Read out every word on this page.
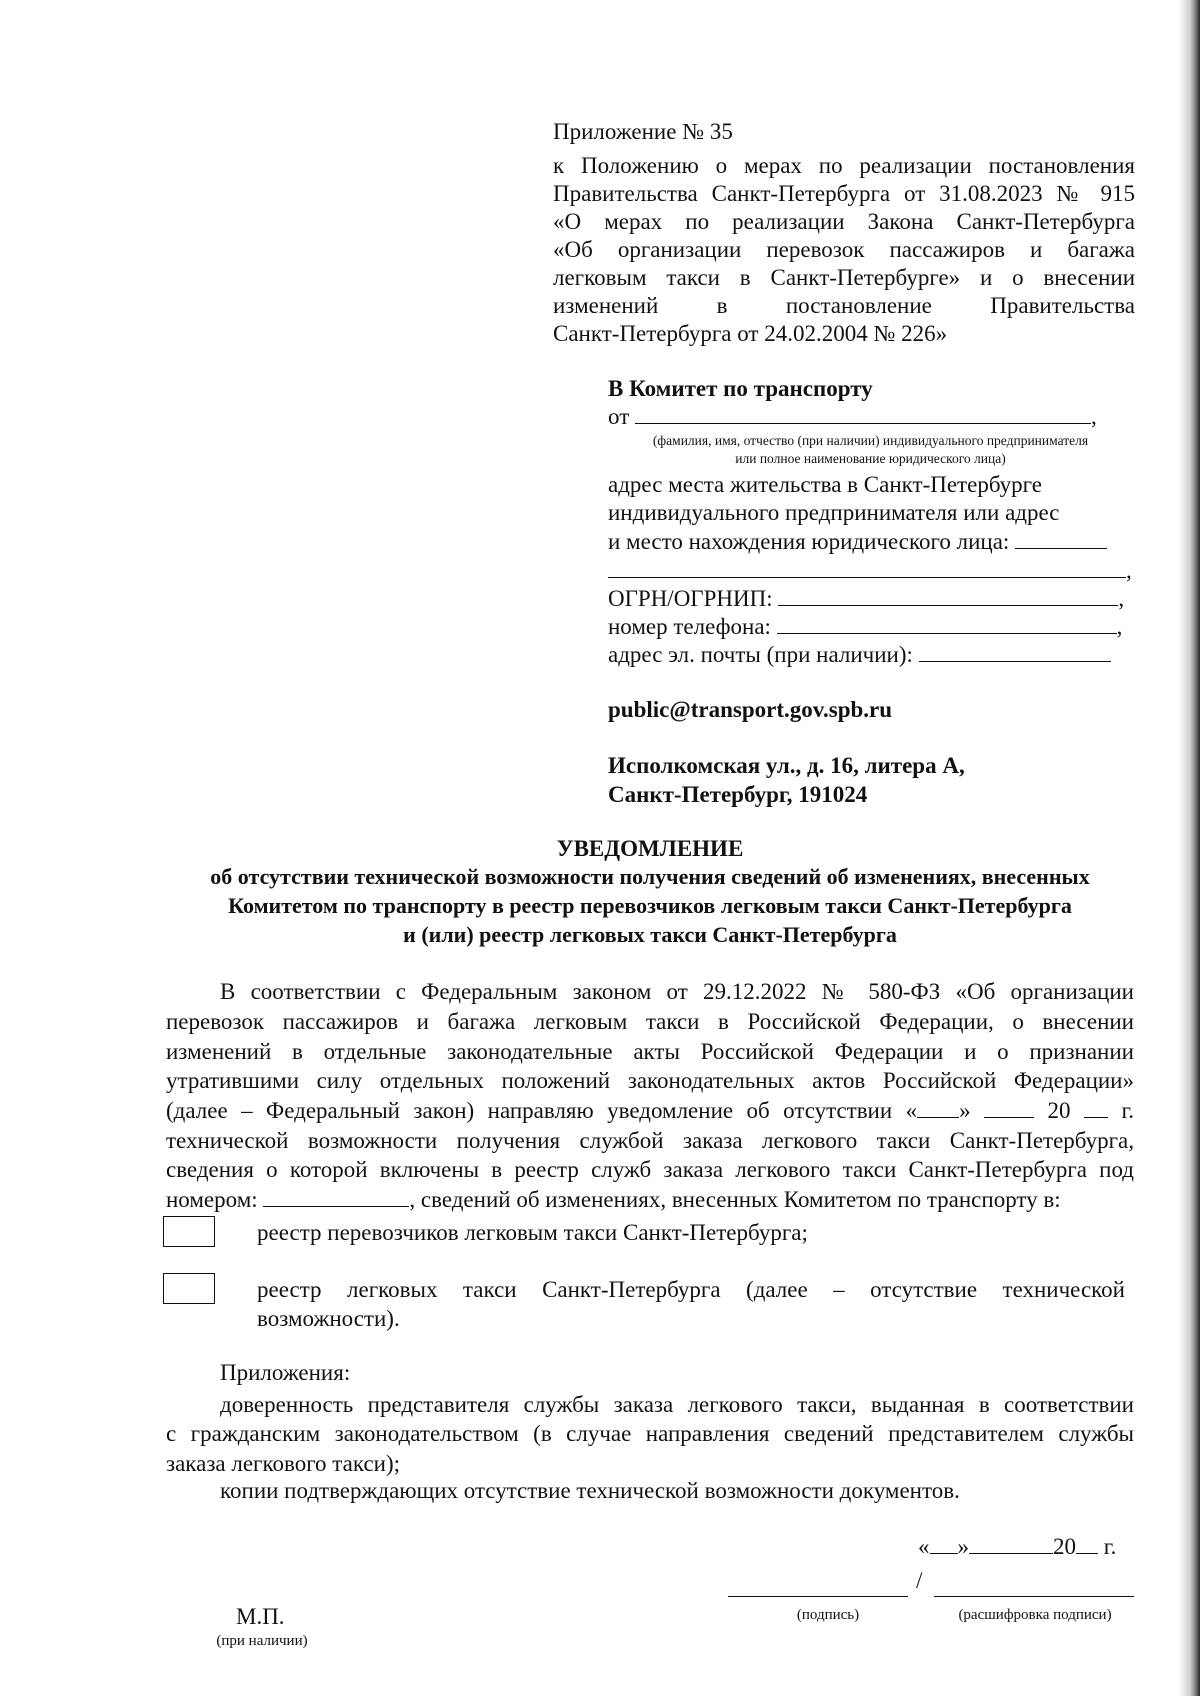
Приложение № 35
к Положению о мерах по реализации постановления
Правительства Санкт-Петербурга от 31.08.2023 № 915
«О мерах по реализации Закона Санкт-Петербурга
«Об организации перевозок пассажиров и багажа
легковым такси в Санкт-Петербурге» и о внесении
изменений в постановление Правительства
Санкт-Петербурга от 24.02.2004 № 226»
В Комитет по транспорту
от	,
(фамилия, имя, отчество (при наличии) индивидуального предпринимателя
или полное наименование юридического лица)
адрес места жительства в Санкт-Петербурге
индивидуального предпринимателя или адрес
и место нахождения юридического лица:
,
ОГРН/ОГРНИП:	,
номер телефона:	,
адрес эл. почты (при наличии):
public@transport.gov.spb.ru
Исполкомская ул., д. 16, литера А,
Санкт-Петербург, 191024
УВЕДОМЛЕНИЕ
об отсутствии технической возможности получения сведений об изменениях, внесенных
Комитетом по транспорту в реестр перевозчиков легковым такси Санкт-Петербурга
и (или) реестр легковых такси Санкт-Петербурга
В соответствии с Федеральным законом от 29.12.2022 № 580-ФЗ «Об организации
перевозок пассажиров и багажа легковым такси в Российской Федерации, о внесении
изменений в отдельные законодательные акты Российской Федерации и о признании
утратившими силу отдельных положений законодательных актов Российской Федерации»
(далее – Федеральный закон) направляю уведомление об отсутствии « »	20 г.
технической возможности получения службой заказа легкового такси Санкт-Петербурга,
сведения о которой включены в реестр служб заказа легкового такси Санкт-Петербурга под
номером:	, сведений об изменениях, внесенных Комитетом по транспорту в:
реестр перевозчиков легковым такси Санкт-Петербурга;
реестр легковых такси Санкт-Петербурга (далее – отсутствие технической
возможности).
Приложения:
доверенность представителя службы заказа легкового такси, выданная в соответствии
с гражданским законодательством (в случае направления сведений представителем службы
заказа легкового такси);
копии подтверждающих отсутствие технической возможности документов.
« »	20 г.
/
(подпись)	(расшифровка подписи)
М.П.
(при наличии)
